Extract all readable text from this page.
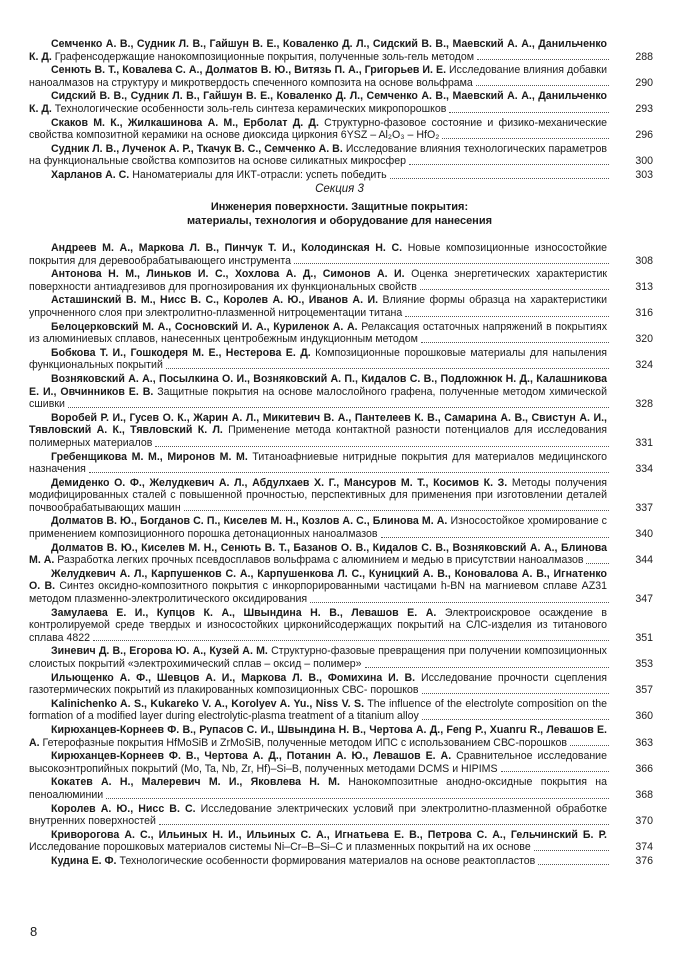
Семченко А. В., Судник Л. В., Гайшун В. Е., Коваленко Д. Л., Сидский В. В., Маевский А. А., Данильченко К. Д. Графенсодержащие нанокомпозиционные покрытия, полученные золь-гель методом	288
Сенють В. Т., Ковалева С. А., Долматов В. Ю., Витязь П. А., Григорьев И. Е. Исследование влияния добавки наноалмазов на структуру и микротвердость спеченного композита на основе вольфрама	290
Сидский В. В., Судник Л. В., Гайшун В. Е., Коваленко Д. Л., Семченко А. В., Маевский А. А., Данильченко К. Д. Технологические особенности золь-гель синтеза керамических микропорошков	293
Скаков М. К., Жилкашинова А. М., Ерболат Д. Д. Структурно-фазовое состояние и физико-механические свойства композитной керамики на основе диоксида циркония 6YSZ – Al₂O₃ – HfO₂	296
Судник Л. В., Лученок А. Р., Ткачук В. С., Семченко А. В. Исследование влияния технологических параметров на функциональные свойства композитов на основе силикатных микросфер	300
Харланов А. С. Наноматериалы для ИКТ-отрасли: успеть победить	303
Секция 3
Инженерия поверхности. Защитные покрытия:
материалы, технология и оборудование для нанесения
Андреев М. А., Маркова Л. В., Пинчук Т. И., Колодинская Н. С. Новые композиционные износостойкие покрытия для деревообрабатывающего инструмента	308
Антонова Н. М., Линьков И. С., Хохлова А. Д., Симонов А. И. Оценка энергетических характеристик поверхности антиадгезивов для прогнозирования их функциональных свойств	313
Асташинский В. М., Нисс В. С., Королев А. Ю., Иванов А. И. Влияние формы образца на характеристики упрочненного слоя при электролитно-плазменной нитроцементации титана	316
Белоцерковский М. А., Сосновский И. А., Куриленок А. А. Релаксация остаточных напряжений в покрытиях из алюминиевых сплавов, нанесенных центробежным индукционным методом	320
Бобкова Т. И., Гошкодеря М. Е., Нестерова Е. Д. Композиционные порошковые материалы для напыления функциональных покрытий	324
Возняковский А. А., Посылкина О. И., Возняковский А. П., Кидалов С. В., Подложнюк Н. Д., Калашникова Е. И., Овчинников Е. В. Защитные покрытия на основе малослойного графена, полученные методом химической сшивки	328
Воробей Р. И., Гусев О. К., Жарин А. Л., Микитевич В. А., Пантелеев К. В., Самарина А. В., Свистун А. И., Тявловский А. К., Тявловский К. Л. Применение метода контактной разности потенциалов для исследования полимерных материалов	331
Гребенщикова М. М., Миронов М. М. Титаноафниевые нитридные покрытия для материалов медицинского назначения	334
Демиденко О. Ф., Желудкевич А. Л., Абдулхаев Х. Г., Мансуров М. Т., Косимов К. З. Методы получения модифицированных сталей с повышенной прочностью, перспективных для применения при изготовлении деталей почвообрабатывающих машин	337
Долматов В. Ю., Богданов С. П., Киселев М. Н., Козлов А. С., Блинова М. А. Износостойкое хромирование с применением композиционного порошка детонационных наноалмазов	340
Долматов В. Ю., Киселев М. Н., Сенють В. Т., Базанов О. В., Кидалов С. В., Возняковский А. А., Блинова М. А. Разработка легких прочных псевдосплавов вольфрама с алюминием и медью в присутствии наноалмазов	344
Желудкевич А. Л., Карпушенков С. А., Карпушенкова Л. С., Куницкий А. В., Коновалова А. В., Игнатенко О. В. Синтез оксидно-композитного покрытия с инкорпорированными частицами h-BN на магниевом сплаве AZ31 методом плазменно-электролитического оксидирования	347
Замулаева Е. И., Купцов К. А., Швындина Н. В., Левашов Е. А. Электроискровое осаждение в контролируемой среде твердых и износостойких цирконийсодержащих покрытий на СЛС-изделия из титанового сплава 4822	351
Зиневич Д. В., Егорова Ю. А., Кузей А. М. Структурно-фазовые превращения при получении композиционных слоистых покрытий «электрохимический сплав – оксид – полимер»	353
Ильющенко А. Ф., Шевцов А. И., Маркова Л. В., Фомихина И. В. Исследование прочности сцепления газотермических покрытий из плакированных композиционных СВС- порошков	357
Kalinichenko A. S., Kukareko V. A., Korolyev A. Yu., Niss V. S. The influence of the electrolyte composition on the formation of a modified layer during electrolytic-plasma treatment of a titanium alloy	360
Кирюханцев-Корнеев Ф. В., Рупасов С. И., Швындина Н. В., Чертова А. Д., Feng P., Xuanru R., Левашов Е. А. Гетерофазные покрытия HfMoSiB и ZrMoSiB, полученные методом ИПС с использованием СВС-порошков	363
Кирюханцев-Корнеев Ф. В., Чертова А. Д., Потанин А. Ю., Левашов Е. А. Сравнительное исследование высокоэнтропийных покрытий (Mo, Ta, Nb, Zr, Hf)–Si–B, полученных методами DCMS и HIPIMS	366
Кокатев А. Н., Малеревич М. И., Яковлева Н. М. Нанокомпозитные анодно-оксидные покрытия на пеноалюминии	368
Королев А. Ю., Нисс В. С. Исследование электрических условий при электролитно-плазменной обработке внутренних поверхностей	370
Криворогова А. С., Ильиных Н. И., Ильиных С. А., Игнатьева Е. В., Петрова С. А., Гельчинский Б. Р. Исследование порошковых материалов системы Ni–Cr–B–Si–C и плазменных покрытий на их основе	374
Кудина Е. Ф. Технологические особенности формирования материалов на основе реактопластов	376
8
